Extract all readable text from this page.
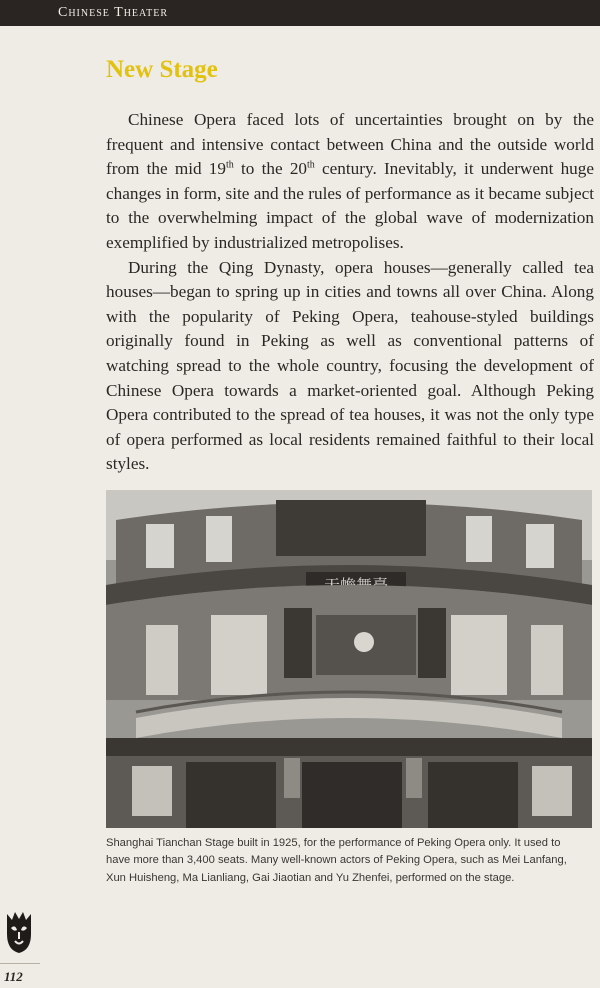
Chinese Theater
New Stage

Chinese Opera faced lots of uncertainties brought on by the frequent and intensive contact between China and the outside world from the mid 19th to the 20th century. Inevitably, it underwent huge changes in form, site and the rules of performance as it became subject to the overwhelming impact of the global wave of modernization exemplified by industrialized metropolises.

During the Qing Dynasty, opera houses—generally called tea houses—began to spring up in cities and towns all over China. Along with the popularity of Peking Opera, teahouse-styled buildings originally found in Peking as well as conventional patterns of watching spread to the whole country, focusing the development of Chinese Opera towards a market-oriented goal. Although Peking Opera contributed to the spread of tea houses, it was not the only type of opera performed as local residents remained faithful to their local styles.

Shanghai Tianchan Stage built in 1925, for the performance of Peking Opera only. It used to
have more than 3,400 seats. Many well-known actors of Peking Opera, such as Mei Lanfang,
Xun Huisheng, Ma Lianliang, Gai Jiaotian and Yu Zhenfei, performed on the stage.
112
